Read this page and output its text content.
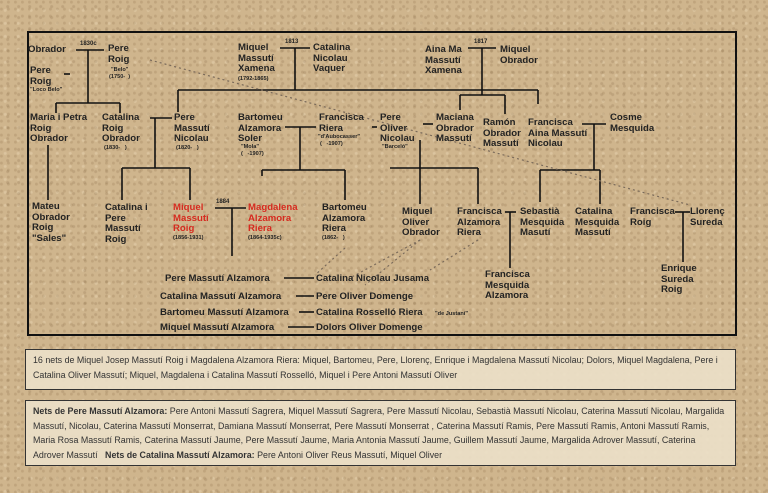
Obrador 1830c Pere
Roig
"Belo"
(1750-  )
Pere
Roig
"Loco Belo"
Maria i Petra
Roig
Obrador
Catalina
Roig
Obrador
(1830-   )
Mateu
Obrador
Roig
"Sales"
Miquel
Massutí
Xamena
(1792-1865)
1813 Catalina
Nicolau
Vaquer
Aina Ma
Massutí
Xamena
1817
Miquel
Obrador
Pere
Massutí
Nicolau
(1820-   )
Bartomeu
Alzamora
Soler
"Mola"
(   -1907)
Francisca
Riera
"d'Aubocasser"
(   -1907)
Pere
Oliver
Nicolau
"Barceló"
Maciana
Obrador
Massutí
Ramón
Obrador
Massutí
Francisca
Aina Massutí
Nicolau
Cosme
Mesquida
Catalina i
Pere
Massutí
Roig
Miquel
Massutí
Roig
(1856-1931)
1884 Magdalena
Alzamora
Riera
(1864-1935c)
Bartomeu
Alzamora
Riera
(1862-   )
Miquel
Oliver
Obrador
Francisca
Alzamora
Riera
Sebastià
Mesquida
Masutí
Catalina
Mesquida
Massutí
Francisca
Roig
Llorenç
Sureda
Francisca
Mesquida
Alzamora
Enrique
Sureda
Roig
Pere Massutí Alzamora	Catalina Nicolau Jusama
Catalina Massutí Alzamora	Pere Oliver Domenge
Bartomeu Massutí Alzamora	Catalina Rosselló Riera "de Justaní"
Miquel Massutí Alzamora	Dolors Oliver Domenge
16 nets de Miquel Josep Massutí Roig i Magdalena Alzamora Riera: Miquel, Bartomeu, Pere, Llorenç, Enrique i Magdalena Massutí Nicolau; Dolors, Miquel Magdalena, Pere i Catalina Oliver Massutí; Miquel, Magdalena i Catalina Massutí Rosselló, Miquel i Pere Antoni Massutí Oliver
Nets de Pere Massutí Alzamora: Pere Antoni Massutí Sagrera, Miquel Massutí Sagrera, Pere Massutí Nicolau, Sebastià Massutí Nicolau, Caterina Massutí Nicolau, Margalida Massutí, Nicolau, Caterina Massutí Monserrat, Damiana Massutí Monserrat, Pere Massutí Monserrat , Caterina Massutí Ramis, Pere Massutí Ramis, Antoni Massutí Ramis, Maria Rosa Massutí Ramis, Caterina Massutí Jaume, Pere Massutí Jaume, Maria Antonia Massutí Jaume, Guillem Massutí Jaume, Margalida Adrover Massutí, Caterina Adrover Massutí Nets de Catalina Massutí Alzamora: Pere Antoni Oliver Reus Massutí, Miquel Oliver
